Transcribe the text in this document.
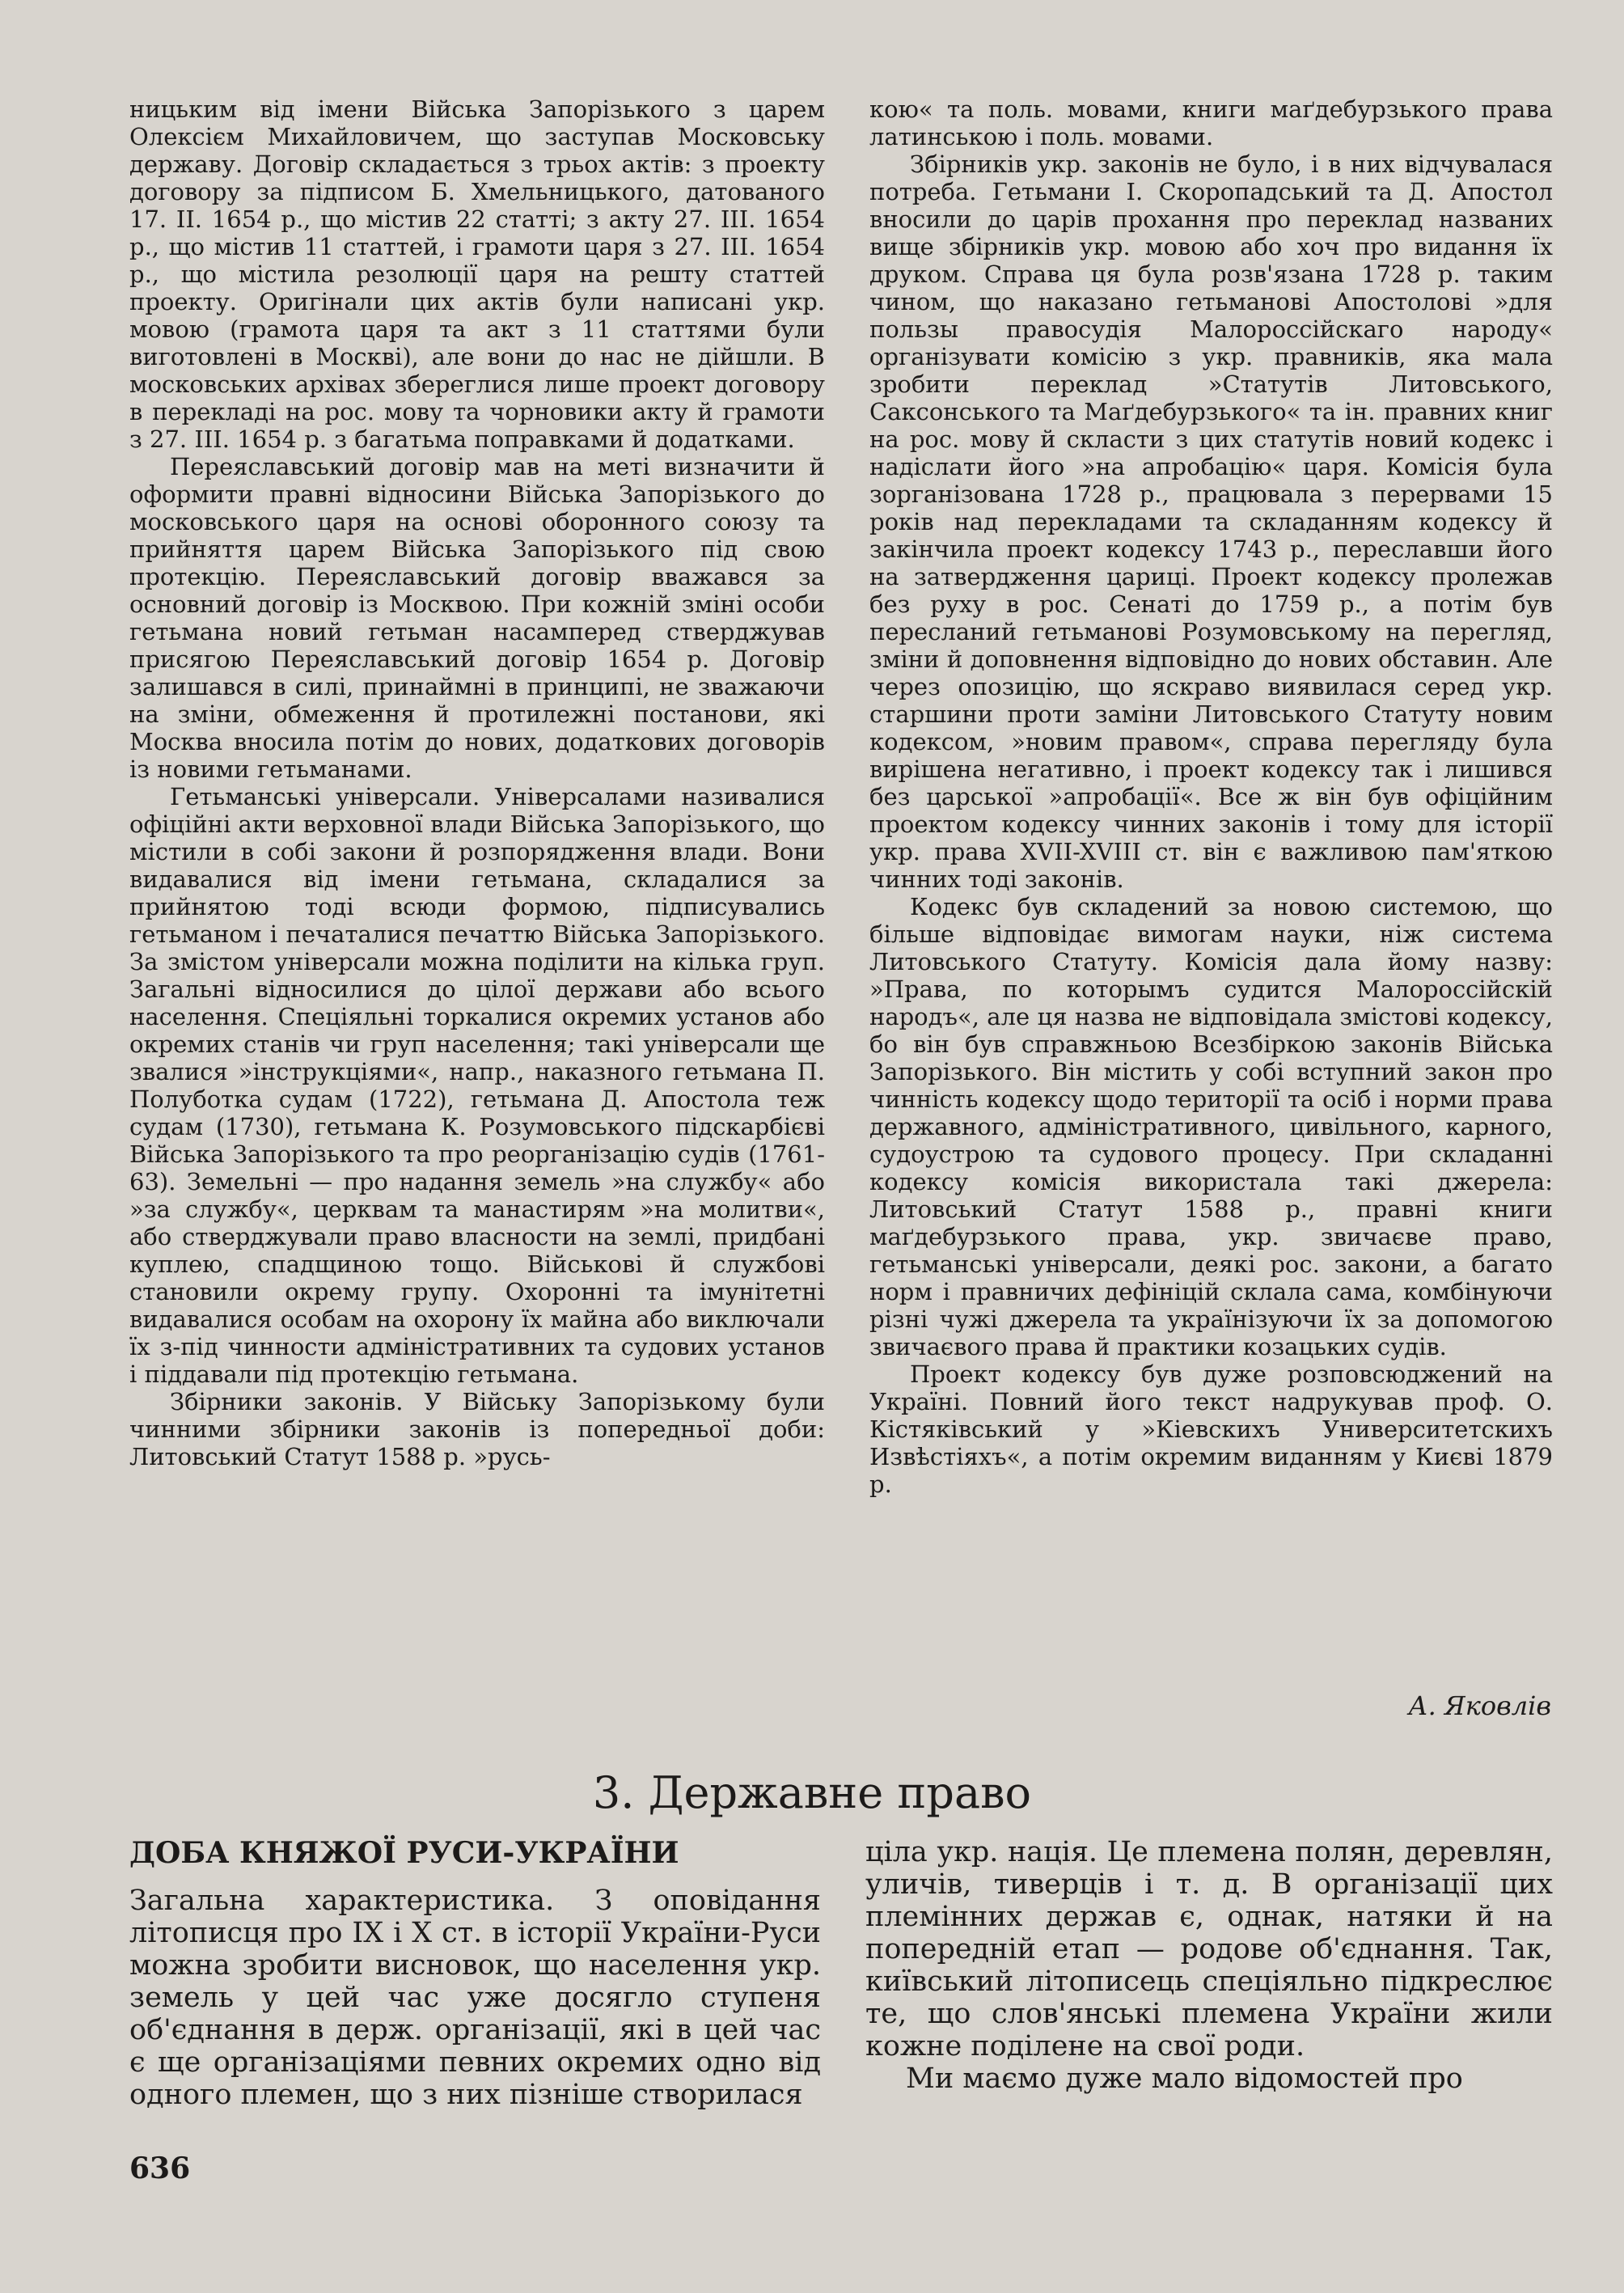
ницьким від імени Війська Запорізького з царем Олексієм Михайловичем, що заступав Московську державу. Договір складається з трьох актів: з проекту договору за підписом Б. Хмельницького, датованого 17. II. 1654 р., що містив 22 статті; з акту 27. III. 1654 р., що містив 11 статтей, і грамоти царя з 27. III. 1654 р., що містила резолюції царя на решту статтей проекту. Оригінали цих актів були написані укр. мовою (грамота царя та акт з 11 статтями були виготовлені в Москві), але вони до нас не дійшли. В московських архівах збереглися лише проект договору в перекладі на рос. мову та чорновики акту й грамоти з 27. III. 1654 р. з багатьма поправками й додатками.

Переяславський договір мав на меті визначити й оформити правні відносини Війська Запорізького до московського царя на основі оборонного союзу та прийняття царем Війська Запорізького під свою протекцію. Переяславський договір вважався за основний договір із Москвою. При кожній зміні особи гетьмана новий гетьман насамперед стверджував присягою Переяславський договір 1654 р. Договір залишався в силі, принаймні в принципі, не зважаючи на зміни, обмеження й протилежні постанови, які Москва вносила потім до нових, додаткових договорів із новими гетьманами.

Гетьманські універсали. Універсалами називалися офіційні акти верховної влади Війська Запорізького, що містили в собі закони й розпорядження влади. Вони видавалися від імени гетьмана, складалися за прийнятою тоді всюди формою, підписувались гетьманом і печаталися печаттю Війська Запорізького. За змістом універсали можна поділити на кілька груп. Загальні відносилися до цілої держави або всього населення. Спеціяльні торкалися окремих установ або окремих станів чи груп населення; такі універсали ще звалися »інструкціями«, напр., наказного гетьмана П. Полуботка судам (1722), гетьмана Д. Апостола теж судам (1730), гетьмана К. Розумовського підскарбієві Війська Запорізького та про реорганізацію судів (1761-63). Земельні — про надання земель »на службу« або »за службу«, церквам та манастирям »на молитви«, або стверджували право власности на землі, придбані куплею, спадщиною тощо. Військові й службові становили окрему групу. Охоронні та імунітетні видавалися особам на охорону їх майна або виключали їх з-під чинности адміністративних та судових установ і піддавали під протекцію гетьмана.

Збірники законів. У Війську Запорізькому були чинними збірники законів із попередньої доби: Литовський Статут 1588 р. »русь-

кою« та поль. мовами, книги маґдебурзького права латинською і поль. мовами.

Збірників укр. законів не було, і в них відчувалася потреба. Гетьмани І. Скоропадський та Д. Апостол вносили до царів прохання про переклад названих вище збірників укр. мовою або хоч про видання їх друком. Справа ця була розв'язана 1728 р. таким чином, що наказано гетьманові Апостолові »для пользы правосудія Малороссійскаго народу« організувати комісію з укр. правників, яка мала зробити переклад »Статутів Литовського, Саксонського та Маґдебурзького« та ін. правних книг на рос. мову й скласти з цих статутів новий кодекс і надіслати його »на апробацію« царя. Комісія була зорганізована 1728 р., працювала з перервами 15 років над перекладами та складанням кодексу й закінчила проект кодексу 1743 р., переславши його на затвердження цариці. Проект кодексу пролежав без руху в рос. Сенаті до 1759 р., а потім був пересланий гетьманові Розумовському на перегляд, зміни й доповнення відповідно до нових обставин. Але через опозицію, що яскраво виявилася серед укр. старшини проти заміни Литовського Статуту новим кодексом, »новим правом«, справа перегляду була вирішена негативно, і проект кодексу так і лишився без царської »апробації«. Все ж він був офіційним проектом кодексу чинних законів і тому для історії укр. права XVII-XVIII ст. він є важливою пам'яткою чинних тоді законів.

Кодекс був складений за новою системою, що більше відповідає вимогам науки, ніж система Литовського Статуту. Комісія дала йому назву: »Права, по которымъ судится Малороссійскій народъ«, але ця назва не відповідала змістові кодексу, бо він був справжньою Всезбіркою законів Війська Запорізького. Він містить у собі вступний закон про чинність кодексу щодо території та осіб і норми права державного, адміністративного, цивільного, карного, судоустрою та судового процесу. При складанні кодексу комісія використала такі джерела: Литовський Статут 1588 р., правні книги маґдебурзького права, укр. звичаєве право, гетьманські універсали, деякі рос. закони, а багато норм і правничих дефініцій склала сама, комбінуючи різні чужі джерела та українізуючи їх за допомогою звичаєвого права й практики козацьких судів.

Проект кодексу був дуже розповсюджений на Україні. Повний його текст надрукував проф. О. Кістяківський у »Кіевскихъ Университетскихъ Извѣстіяхъ«, а потім окремим виданням у Києві 1879 р.

А. Яковлів
3. Державне право
ДОБА КНЯЖОЇ РУСИ-УКРАЇНИ

Загальна характеристика. З оповідання літописця про IX і X ст. в історії України-Руси можна зробити висновок, що населення укр. земель у цей час уже досягло ступеня об'єднання в держ. організації, які в цей час є ще організаціями певних окремих одно від одного племен, що з них пізніше створилася

ціла укр. нація. Це племена полян, деревлян, уличів, тиверців і т. д. В організації цих племінних держав є, однак, натяки й на попередній етап — родове об'єднання. Так, київський літописець спеціяльно підкреслює те, що слов'янські племена України жили кожне поділене на свої роди.

Ми маємо дуже мало відомостей про

636
